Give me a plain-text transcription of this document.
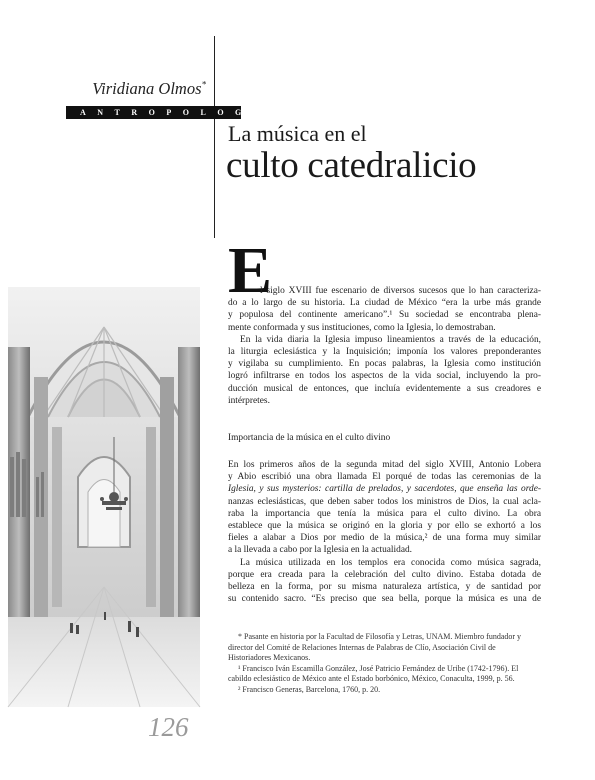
Viridiana Olmos*
ANTROPOLOGÍA
La música en el
culto catedralicio
126
E
l siglo XVIII fue escenario de diversos sucesos que lo han caracteriza-
do a lo largo de su historia. La ciudad de México “era la urbe más grande
y populosa del continente americano”.¹ Su sociedad se encontraba plena-
mente conformada y sus instituciones, como la Iglesia, lo demostraban.
En la vida diaria la Iglesia impuso lineamientos a través de la educación,
la liturgia eclesiástica y la Inquisición; imponía los valores preponderantes
y vigilaba su cumplimiento. En pocas palabras, la Iglesia como institución
logró infiltrarse en todos los aspectos de la vida social, incluyendo la pro-
ducción musical de entonces, que incluía evidentemente a sus creadores e
intérpretes.
Importancia de la música en el culto divino
En los primeros años de la segunda mitad del siglo XVIII, Antonio Lobera
y Abio escribió una obra llamada El porqué de todas las ceremonias de la
Iglesia, y sus mysterios: cartilla de prelados, y sacerdotes, que enseña las orde-
nanzas eclesiásticas, que deben saber todos los ministros de Dios, la cual acla-
raba la importancia que tenía la música para el culto divino. La obra
establece que la música se originó en la gloria y por ello se exhortó a los
fieles a alabar a Dios por medio de la música,² de una forma muy similar
a la llevada a cabo por la Iglesia en la actualidad.
La música utilizada en los templos era conocida como música sagrada,
porque era creada para la celebración del culto divino. Estaba dotada de
belleza en la forma, por su misma naturaleza artística, y de santidad por
su contenido sacro. “Es preciso que sea bella, porque la música es una de
* Pasante en historia por la Facultad de Filosofía y Letras, UNAM. Miembro fundador y
director del Comité de Relaciones Internas de Palabras de Clío, Asociación Civil de
Historiadores Mexicanos.
¹ Francisco Iván Escamilla González, José Patricio Fernández de Uribe (1742-1796). El
cabildo eclesiástico de México ante el Estado borbónico, México, Conaculta, 1999, p. 56.
² Francisco Generas, Barcelona, 1760, p. 20.
